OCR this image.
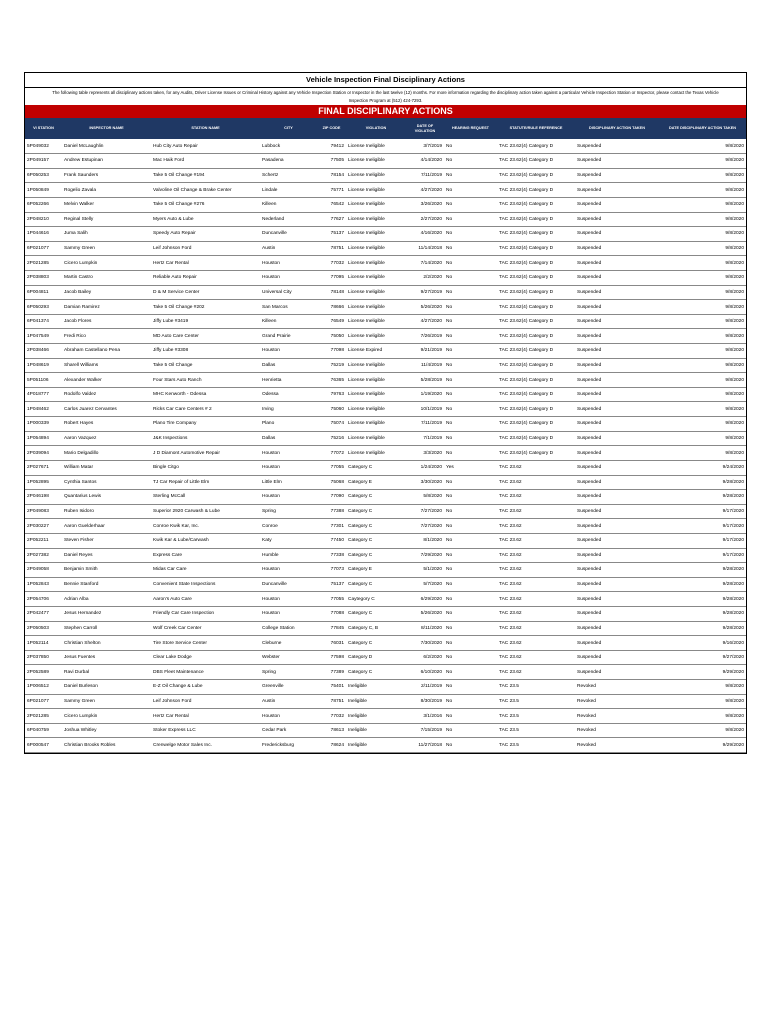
Vehicle Inspection Final Disciplinary Actions
The following table represents all disciplinary actions taken, for any Audits, Driver License Issues or Criminal History against any Vehicle Inspection Station or Inspector in the last twelve (12) months. For more information regarding the disciplinary action taken against a particular Vehicle Inspection Station or Inspector, please contact the Texas Vehicle Inspection Program at (512) 424-7293.
FINAL DISCIPLINARY ACTIONS
VI STATION	INSPECTOR NAME	STATION NAME	CITY	ZIP CODE	VIOLATION	DATE OF VIOLATION	HEARING REQUEST	STATUTE/RULE REFERENCE	DISCIPLINARY ACTION TAKEN	DATE DISCIPLINARY ACTION TAKEN
5P049032	Daniel McLaughlin	Hub City Auto Repair	Lubbock	79412	License Ineligible	3/7/2019	No	TAC 23.62(4) Category D	Suspended	9/8/2020
2P049157	Andrew Estupinan	Mac Haik Ford	Pasadena	77505	License Ineligible	4/14/2020	No	TAC 23.62(4) Category D	Suspended	9/8/2020
6P050253	Frank Saunders	Take 5 Oil Change #194	Schertz	78154	License Ineligible	7/11/2019	No	TAC 23.62(4) Category D	Suspended	9/8/2020
1P050849	Rogelio Zavala	Valvoline Oil Change & Brake Center	Lindale	75771	License Ineligible	4/27/2020	No	TAC 23.62(4) Category D	Suspended	9/8/2020
6P052266	Melvin Walker	Take 5 Oil Change #276	Killeen	76542	License Ineligible	3/26/2020	No	TAC 23.62(4) Category D	Suspended	9/8/2020
2P048210	Reginal Stelly	Myers Auto & Lube	Nederland	77627	License Ineligible	2/27/2020	No	TAC 23.62(4) Category D	Suspended	9/8/2020
1P044616	Juma Salih	Speedy Auto Repair	Duncanville	75137	License Ineligible	4/16/2020	No	TAC 23.62(4) Category D	Suspended	9/8/2020
6P021077	Sammy Green	Leif Johnson Ford	Austin	78751	License Ineligible	11/14/2018	No	TAC 23.62(4) Category D	Suspended	9/8/2020
2P021285	Cicero Lumpkin	Hertz Car Rental	Houston	77032	License Ineligible	7/14/2020	No	TAC 23.62(4) Category D	Suspended	9/8/2020
2P038803	Martin Castro	Reliable Auto Repair	Houston	77095	License Ineligible	2/2/2020	No	TAC 23.62(4) Category D	Suspended	9/8/2020
6P004811	Jacob Bailey	D & M Service Center	Universal City	78148	License Ineligible	9/27/2019	No	TAC 23.62(4) Category D	Suspended	9/8/2020
6P050293	Damian Ramirez	Take 5 Oil Change #202	San Marcos	78666	License Ineligible	5/26/2020	No	TAC 23.62(4) Category D	Suspended	9/8/2020
6P041374	Jacob Flores	Jiffy Lube #3419	Killeen	76549	License Ineligible	4/27/2020	No	TAC 23.62(4) Category D	Suspended	9/8/2020
1P047549	Fredi Rico	MD Auto Care Center	Grand Prairie	75050	License Ineligible	7/26/2019	No	TAC 23.62(4) Category D	Suspended	9/8/2020
2P038466	Abraham Castellano Pena	Jiffy Lube #3308	Houston	77098	License Expired	9/21/2019	No	TAC 23.62(4) Category D	Suspended	9/8/2020
1P048619	Sharell Williams	Take 5 Oil Change	Dallas	75219	License Ineligible	11/4/2019	No	TAC 23.62(4) Category D	Suspended	9/8/2020
5P051106	Alexander Walker	Four Stars Auto Ranch	Henrietta	76365	License Ineligible	5/28/2019	No	TAC 23.62(4) Category D	Suspended	9/8/2020
4P018777	Rodolfo Valdez	MHC Kenworth - Odessa	Odessa	79763	License Ineligible	1/19/2020	No	TAC 23.62(4) Category D	Suspended	9/8/2020
1P048462	Carlos Juarez Cervantes	Ricks Car Care Centers # 2	Irving	75060	License Ineligible	10/1/2019	No	TAC 23.62(4) Category D	Suspended	9/8/2020
1P000339	Robert Hayes	Plano Tire Company	Plano	75074	License Ineligible	7/11/2019	No	TAC 23.62(4) Category D	Suspended	9/8/2020
1P054894	Aaron Vazquez	J&K Inspections	Dallas	75216	License Ineligible	7/1/2019	No	TAC 23.62(4) Category D	Suspended	9/8/2020
2P039094	Mario Delgadillo	J D Diamont Automotive Repair	Houston	77072	License Ineligible	3/3/2020	No	TAC 23.62(4) Category D	Suspended	9/8/2020
2P027671	William Matar	Bingle Citgo	Houston	77055	Category C	1/24/2020	Yes	TAC 23.62	Suspended	9/24/2020
1P052895	Cynthia Santos	TJ Car Repair of Little Elm	Little Elm	75068	Category E	3/30/2020	No	TAC 23.62	Suspended	9/28/2020
2P046198	Quantarius Lewis	Sterling McCall	Houston	77090	Category C	5/8/2020	No	TAC 23.62	Suspended	9/28/2020
2P049083	Ruben Isidoro	Superior 2920 Carwash & Lube	Spring	77388	Category C	7/27/2020	No	TAC 23.62	Suspended	9/17/2020
2P030227	Aaron Guelderhaar	Conroe Kwik Kar, Inc.	Conroe	77301	Category C	7/27/2020	No	TAC 23.62	Suspended	9/17/2020
2P052211	Steven Fisher	Kwik Kar & Lube/Carwash	Katy	77450	Category C	8/1/2020	No	TAC 23.62	Suspended	9/17/2020
2P027382	Daniel Reyes	Express Care	Humble	77338	Category C	7/29/2020	No	TAC 23.62	Suspended	9/17/2020
2P049058	Benjamin Smith	Midas Car Care	Houston	77073	Category E	5/1/2020	No	TAC 23.62	Suspended	9/28/2020
1P052843	Bennie Stanford	Convenient State Inspections	Duncanville	75137	Category C	5/7/2020	No	TAC 23.62	Suspended	9/28/2020
2P054706	Adrian Alba	Aaron's Auto Care	Houston	77055	Caytegory C	6/29/2020	No	TAC 23.62	Suspended	9/28/2020
2P042477	Jesus Hernandez	Friendly Car Care Inspection	Houston	77088	Category C	5/26/2020	No	TAC 23.62	Suspended	9/28/2020
2P050503	Stephen Carroll	Wolf Creek Car Center	College Station	77845	Category C, B	8/11/2020	No	TAC 23.62	Suspended	9/28/2020
1P052114	Christian Shelton	Tire Store Service Center	Cleburne	76031	Category C	7/30/2020	No	TAC 23.62	Suspended	9/16/2020
2P037850	Jesus Fuentes	Clear Lake Dodge	Webster	77598	Category D	6/2/2020	No	TAC 23.62	Suspended	9/27/2020
2P052589	Ravi Durbal	DBS Fleet Maintenance	Spring	77389	Category C	6/10/2020	No	TAC 23.62	Suspended	9/29/2020
1P006512	Daniel Burleson	E-Z Oil Change & Lube	Greenville	75401	Ineligible	2/11/2019	No	TAC 23.5	Revoked	9/8/2020
6P021077	Sammy Green	Leif Johnson Ford	Austin	78751	Ineligible	8/30/2019	No	TAC 23.5	Revoked	9/8/2020
2P021285	Cicero Lumpkin	Hertz Car Rental	Houston	77032	Ineligible	3/1/2016	No	TAC 23.5	Revoked	9/8/2020
6P040759	Joshua Whitley	Stoker Express LLC	Cedar Park	78613	Ineligible	7/15/2019	No	TAC 23.5	Revoked	9/8/2020
6P000547	Christian Brooks Robles	Crenwelge Motor Sales Inc.	Fredericksburg	78624	Ineligible	11/27/2018	No	TAC 23.5	Revoked	9/29/2020
